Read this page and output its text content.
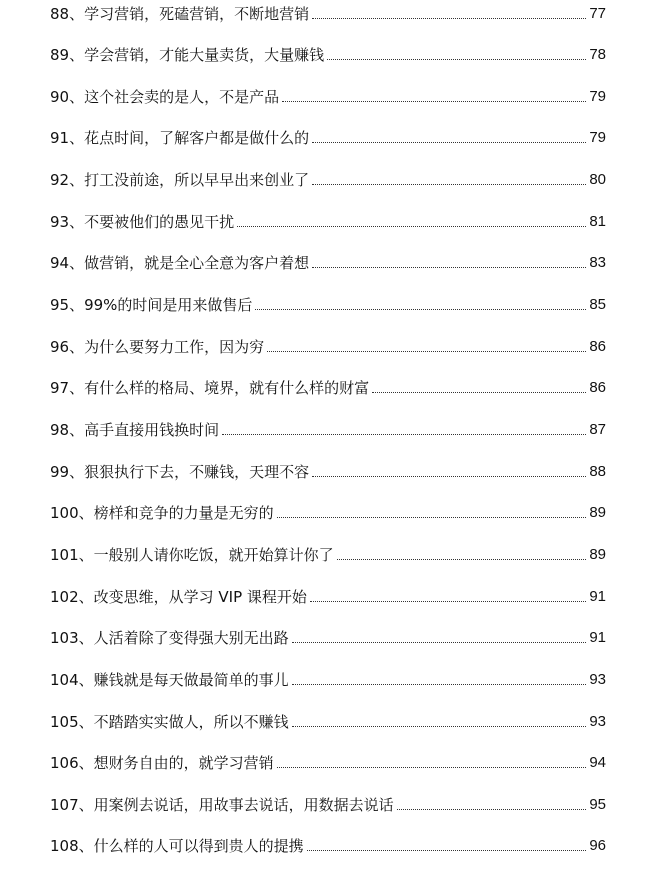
88、学习营销，死磕营销，不断地营销	77
89、学会营销，才能大量卖货，大量赚钱	78
90、这个社会卖的是人，不是产品	79
91、花点时间，了解客户都是做什么的	79
92、打工没前途，所以早早出来创业了	80
93、不要被他们的愚见干扰	81
94、做营销，就是全心全意为客户着想	83
95、99%的时间是用来做售后	85
96、为什么要努力工作，因为穷	86
97、有什么样的格局、境界，就有什么样的财富	86
98、高手直接用钱换时间	87
99、狠狠执行下去，不赚钱，天理不容	88
100、榜样和竞争的力量是无穷的	89
101、一般别人请你吃饭，就开始算计你了	89
102、改变思维，从学习 VIP 课程开始	91
103、人活着除了变得强大别无出路	91
104、赚钱就是每天做最简单的事儿	93
105、不踏踏实实做人，所以不赚钱	93
106、想财务自由的，就学习营销	94
107、用案例去说话，用故事去说话，用数据去说话	95
108、什么样的人可以得到贵人的提携	96
